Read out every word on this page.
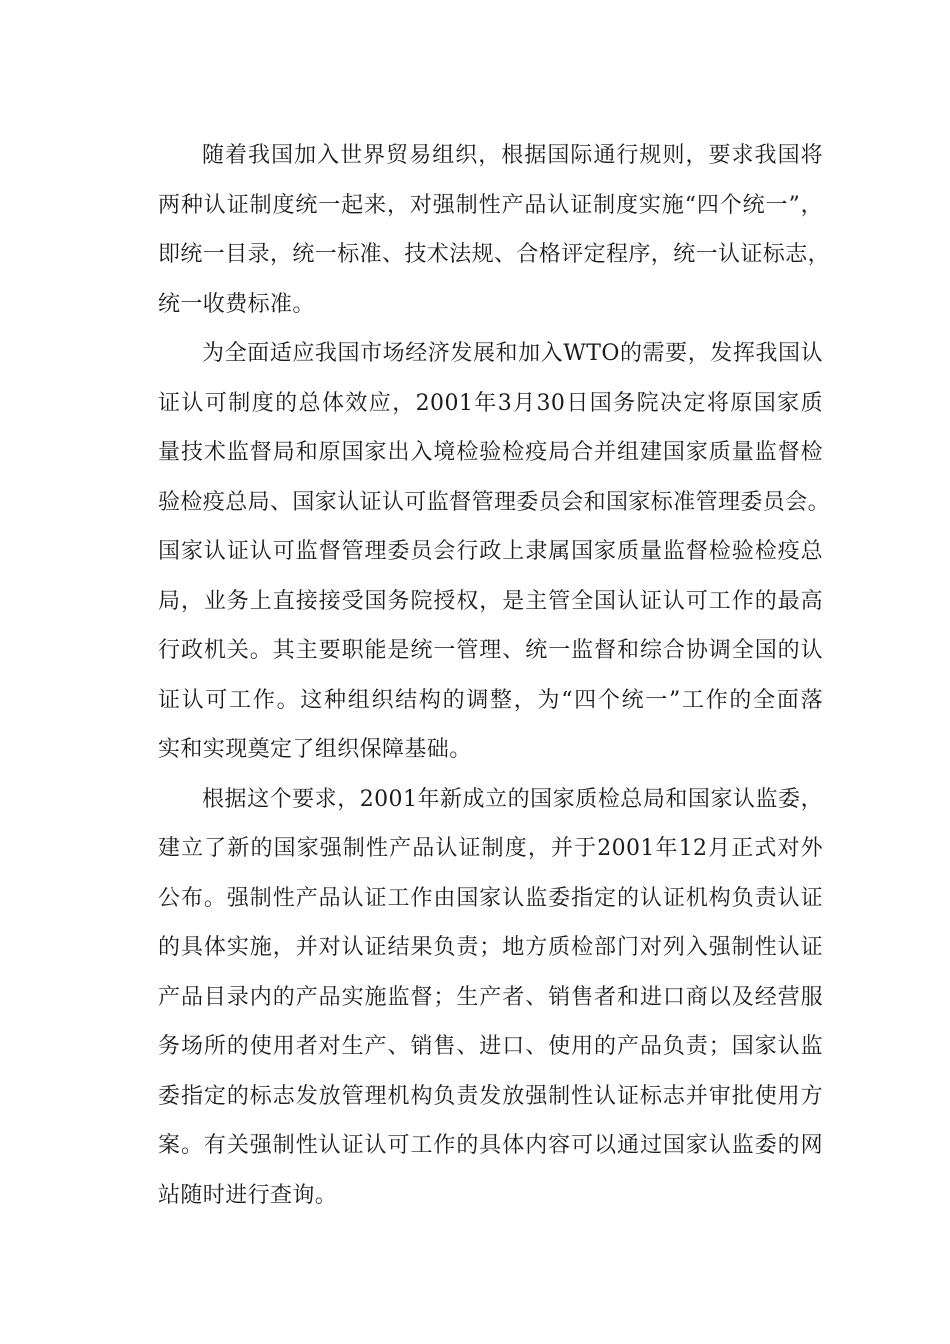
随着我国加入世界贸易组织，根据国际通行规则，要求我国将
两种认证制度统一起来，对强制性产品认证制度实施“四个统一”，
即统一目录，统一标准、技术法规、合格评定程序，统一认证标志，
统一收费标准。
为全面适应我国市场经济发展和加入WTO的需要，发挥我国认
证认可制度的总体效应，2001年3月30日国务院决定将原国家质
量技术监督局和原国家出入境检验检疫局合并组建国家质量监督检
验检疫总局、国家认证认可监督管理委员会和国家标准管理委员会。
国家认证认可监督管理委员会行政上隶属国家质量监督检验检疫总
局，业务上直接接受国务院授权，是主管全国认证认可工作的最高
行政机关。其主要职能是统一管理、统一监督和综合协调全国的认
证认可工作。这种组织结构的调整，为“四个统一”工作的全面落
实和实现奠定了组织保障基础。
根据这个要求，2001年新成立的国家质检总局和国家认监委，
建立了新的国家强制性产品认证制度，并于2001年12月正式对外
公布。强制性产品认证工作由国家认监委指定的认证机构负责认证
的具体实施，并对认证结果负责；地方质检部门对列入强制性认证
产品目录内的产品实施监督；生产者、销售者和进口商以及经营服
务场所的使用者对生产、销售、进口、使用的产品负责；国家认监
委指定的标志发放管理机构负责发放强制性认证标志并审批使用方
案。有关强制性认证认可工作的具体内容可以通过国家认监委的网
站随时进行查询。
